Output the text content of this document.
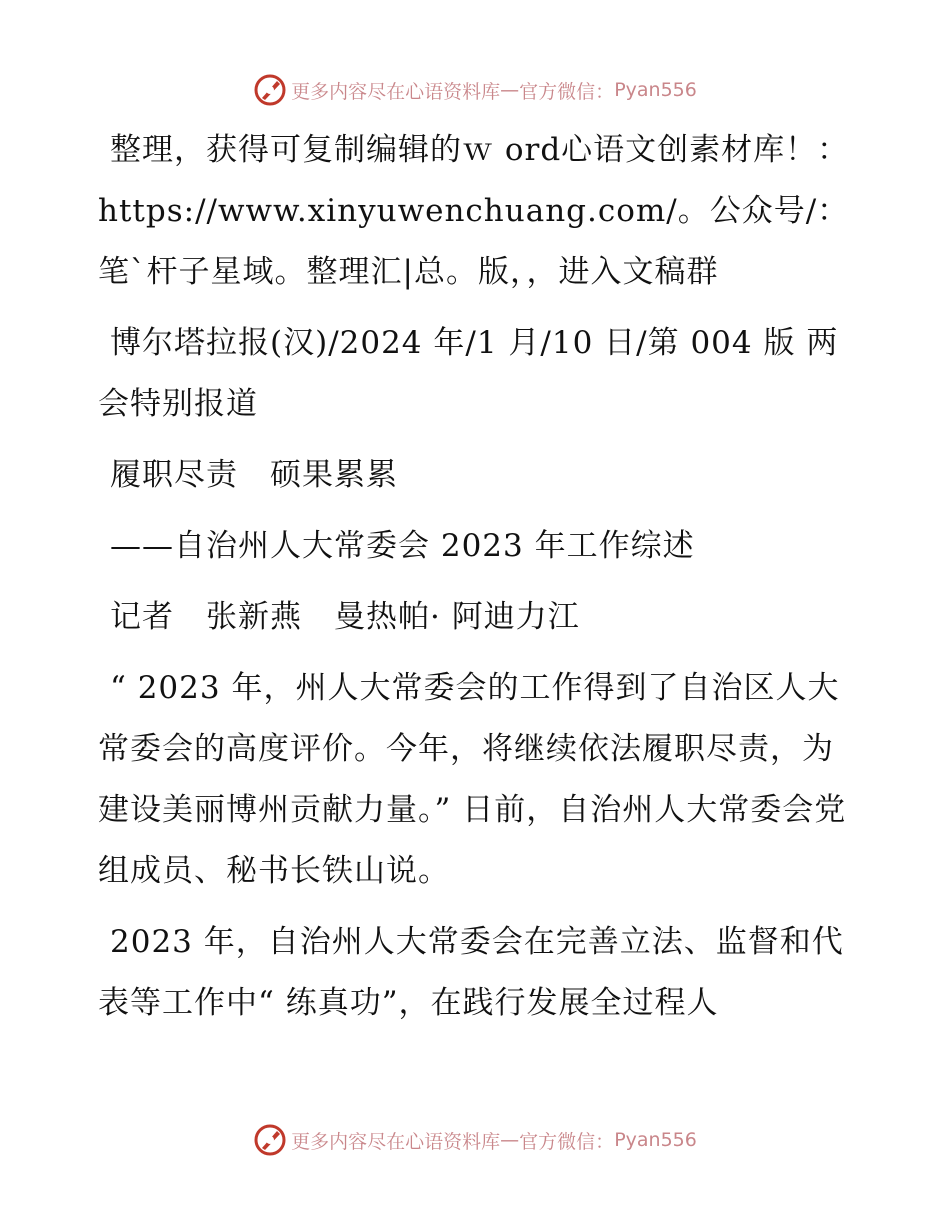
更多内容尽在心语资料库 — 官方微信： Pyan556

整理，获得可复制编辑的ｗ ord心语文创素材库！：https://www.xinyuwenchuang.com/。公众号/：笔`杆子星域。整理汇|总。版，，进入文稿群

博尔塔拉报(汉)/2024 年/1 月/10 日/第 004 版 两会特别报道

履职尽责　硕果累累

——自治州人大常委会 2023 年工作综述

记者　张新燕　曼热帕· 阿迪力江

“ 2023 年，州人大常委会的工作得到了自治区人大常委会的高度评价。今年，将继续依法履职尽责，为建设美丽博州贡献力量。” 日前，自治州人大常委会党组成员、秘书长铁山说。

2023 年，自治州人大常委会在完善立法、监督和代表等工作中“ 练真功”，在践行发展全过程人

更多内容尽在心语资料库 — 官方微信： Pyan556
